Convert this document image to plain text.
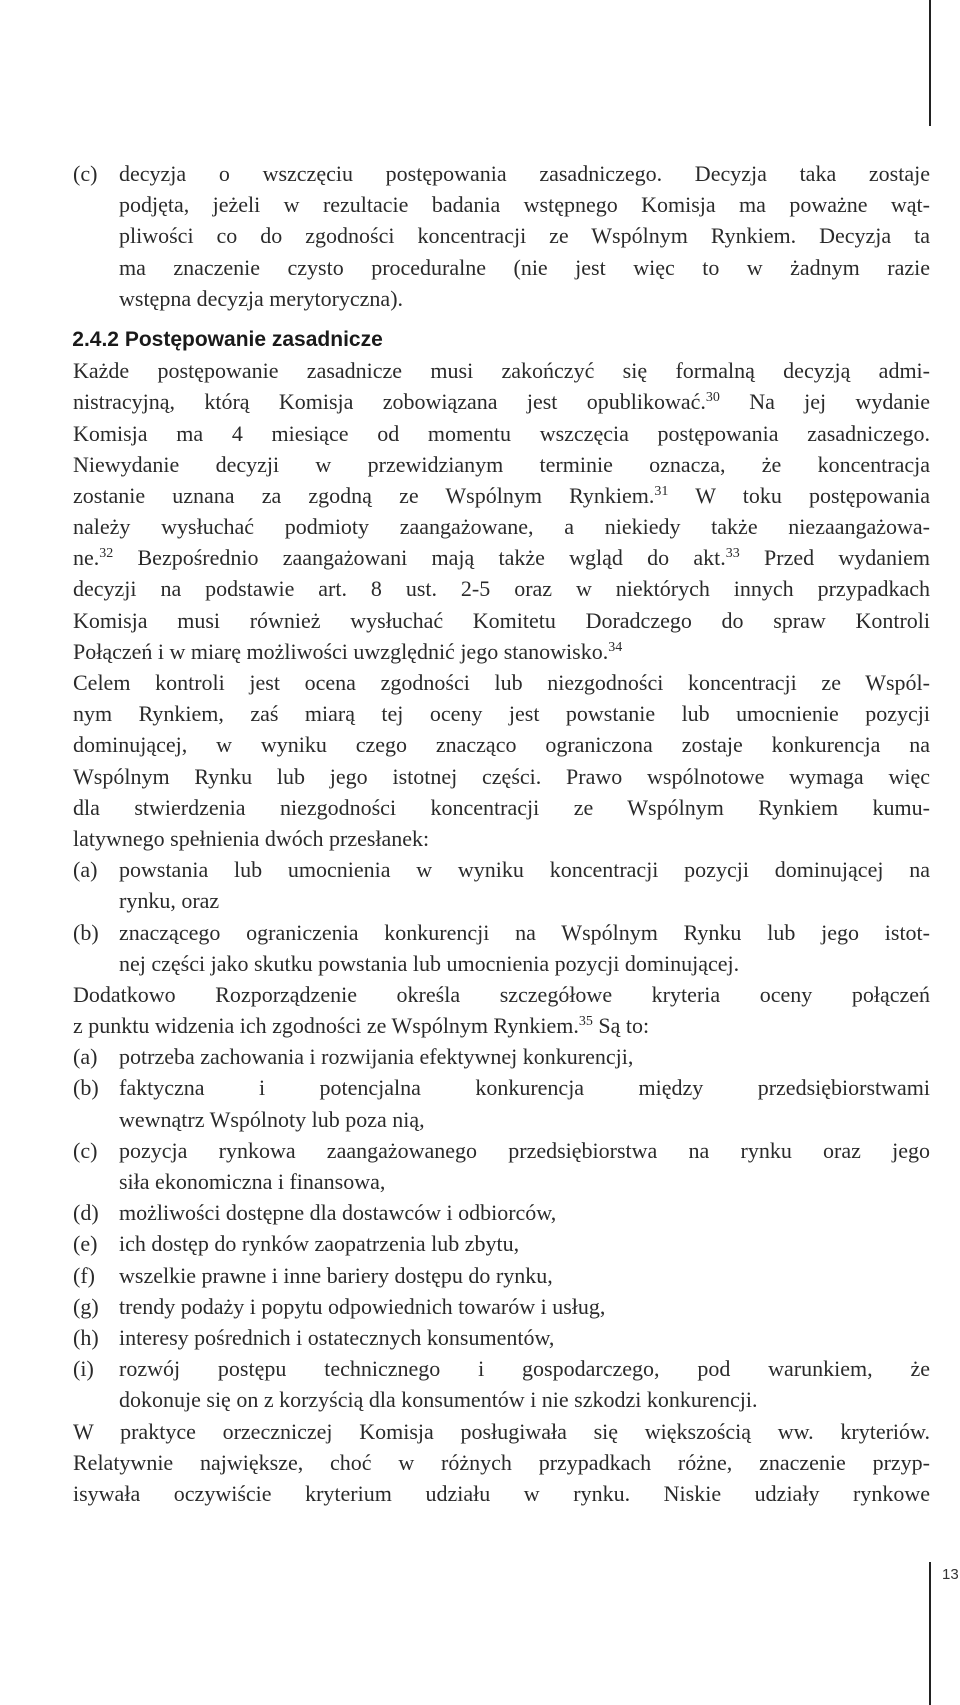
13
(c) decyzja o wszczęciu postępowania zasadniczego. Decyzja taka zostaje
podjęta, jeżeli w rezultacie badania wstępnego Komisja ma poważne wąt-
pliwości co do zgodności koncentracji ze Wspólnym Rynkiem. Decyzja ta
ma znaczenie czysto proceduralne (nie jest więc to w żadnym razie
wstępna decyzja merytoryczna).
2.4.2 Postępowanie zasadnicze
Każde postępowanie zasadnicze musi zakończyć się formalną decyzją admi-
nistracyjną, którą Komisja zobowiązana jest opublikować.$^{30}$ Na jej wydanie
Komisja ma 4 miesiące od momentu wszczęcia postępowania zasadniczego.
Niewydanie decyzji w przewidzianym terminie oznacza, że koncentracja
zostanie uznana za zgodną ze Wspólnym Rynkiem.$^{31}$ W toku postępowania
należy wysłuchać podmioty zaangażowane, a niekiedy także niezaangażowa-
ne.$^{32}$ Bezpośrednio zaangażowani mają także wgląd do akt.$^{33}$ Przed wydaniem
decyzji na podstawie art. 8 ust. 2-5 oraz w niektórych innych przypadkach
Komisja musi również wysłuchać Komitetu Doradczego do spraw Kontroli
Połączeń i w miarę możliwości uwzględnić jego stanowisko.$^{34}$
Celem kontroli jest ocena zgodności lub niezgodności koncentracji ze Wspól-
nym Rynkiem, zaś miarą tej oceny jest powstanie lub umocnienie pozycji
dominującej, w wyniku czego znacząco ograniczona zostaje konkurencja na
Wspólnym Rynku lub jego istotnej części. Prawo wspólnotowe wymaga więc
dla stwierdzenia niezgodności koncentracji ze Wspólnym Rynkiem kumu-
latywnego spełnienia dwóch przesłanek:
(a) powstania lub umocnienia w wyniku koncentracji pozycji dominującej na
rynku, oraz
(b) znaczącego ograniczenia konkurencji na Wspólnym Rynku lub jego istot-
nej części jako skutku powstania lub umocnienia pozycji dominującej.
Dodatkowo Rozporządzenie określa szczegółowe kryteria oceny połączeń
z punktu widzenia ich zgodności ze Wspólnym Rynkiem.$^{35}$ Są to:
(a) potrzeba zachowania i rozwijania efektywnej konkurencji,
(b) faktyczna i potencjalna konkurencja między przedsiębiorstwami
wewnątrz Wspólnoty lub poza nią,
(c) pozycja rynkowa zaangażowanego przedsiębiorstwa na rynku oraz jego
siła ekonomiczna i finansowa,
(d) możliwości dostępne dla dostawców i odbiorców,
(e) ich dostęp do rynków zaopatrzenia lub zbytu,
(f) wszelkie prawne i inne bariery dostępu do rynku,
(g) trendy podaży i popytu odpowiednich towarów i usług,
(h) interesy pośrednich i ostatecznych konsumentów,
(i) rozwój postępu technicznego i gospodarczego, pod warunkiem, że
dokonuje się on z korzyścią dla konsumentów i nie szkodzi konkurencji.
W praktyce orzeczniczej Komisja posługiwała się większością ww. kryteriów.
Relatywnie największe, choć w różnych przypadkach różne, znaczenie przyp-
isywała oczywiście kryterium udziału w rynku. Niskie udziały rynkowe
